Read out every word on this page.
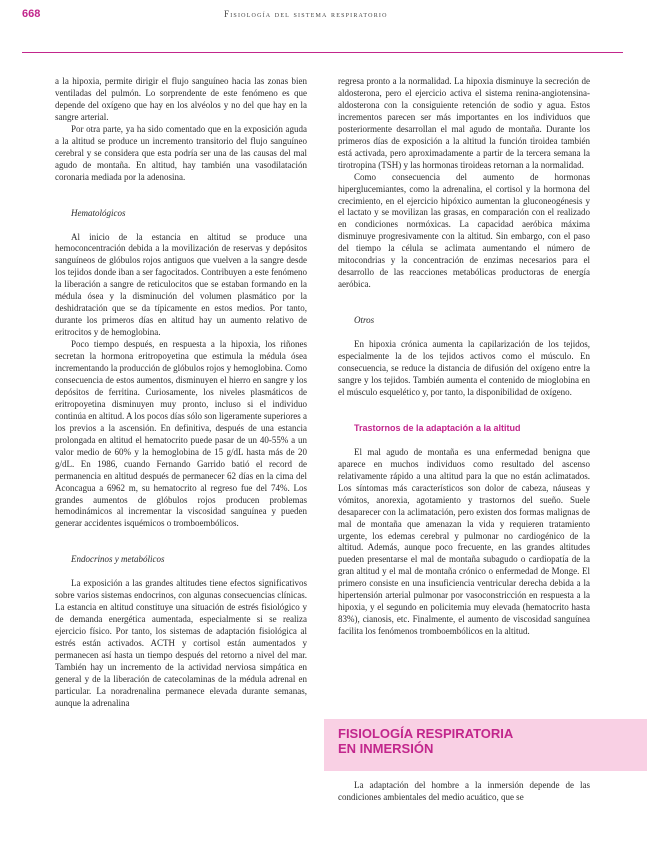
668	Fisiología del sistema respiratorio

a la hipoxia, permite dirigir el flujo sanguíneo hacia las zonas bien ventiladas del pulmón. Lo sorprendente de este fenómeno es que depende del oxígeno que hay en los alvéolos y no del que hay en la sangre arterial.

Por otra parte, ya ha sido comentado que en la exposición aguda a la altitud se produce un incremento transitorio del flujo sanguíneo cerebral y se considera que esta podría ser una de las causas del mal agudo de montaña. En altitud, hay también una vasodilatación coronaria mediada por la adenosina.

Hematológicos

Al inicio de la estancia en altitud se produce una hemoconcentración debida a la movilización de reservas y depósitos sanguíneos de glóbulos rojos antiguos que vuelven a la sangre desde los tejidos donde iban a ser fagocitados. Contribuyen a este fenómeno la liberación a sangre de reticulocitos que se estaban formando en la médula ósea y la disminución del volumen plasmático por la deshidratación que se da típicamente en estos medios. Por tanto, durante los primeros días en altitud hay un aumento relativo de eritrocitos y de hemoglobina.

Poco tiempo después, en respuesta a la hipoxia, los riñones secretan la hormona eritropoyetina que estimula la médula ósea incrementando la producción de glóbulos rojos y hemoglobina. Como consecuencia de estos aumentos, disminuyen el hierro en sangre y los depósitos de ferritina. Curiosamente, los niveles plasmáticos de eritropoyetina disminuyen muy pronto, incluso si el individuo continúa en altitud. A los pocos días sólo son ligeramente superiores a los previos a la ascensión. En definitiva, después de una estancia prolongada en altitud el hematocrito puede pasar de un 40-55% a un valor medio de 60% y la hemoglobina de 15 g/dL hasta más de 20 g/dL. En 1986, cuando Fernando Garrido batió el record de permanencia en altitud después de permanecer 62 días en la cima del Aconcagua a 6962 m, su hematocrito al regreso fue del 74%. Los grandes aumentos de glóbulos rojos producen problemas hemodinámicos al incrementar la viscosidad sanguínea y pueden generar accidentes isquémicos o tromboembólicos.

Endocrinos y metabólicos

La exposición a las grandes altitudes tiene efectos significativos sobre varios sistemas endocrinos, con algunas consecuencias clínicas. La estancia en altitud constituye una situación de estrés fisiológico y de demanda energética aumentada, especialmente si se realiza ejercicio físico. Por tanto, los sistemas de adaptación fisiológica al estrés están activados. ACTH y cortisol están aumentados y permanecen así hasta un tiempo después del retorno a nivel del mar. También hay un incremento de la actividad nerviosa simpática en general y de la liberación de catecolaminas de la médula adrenal en particular. La noradrenalina permanece elevada durante semanas, aunque la adrenalina

regresa pronto a la normalidad. La hipoxia disminuye la secreción de aldosterona, pero el ejercicio activa el sistema renina-angiotensina-aldosterona con la consiguiente retención de sodio y agua. Estos incrementos parecen ser más importantes en los individuos que posteriormente desarrollan el mal agudo de montaña. Durante los primeros días de exposición a la altitud la función tiroidea también está activada, pero aproximadamente a partir de la tercera semana la tirotropina (TSH) y las hormonas tiroideas retornan a la normalidad.

Como consecuencia del aumento de hormonas hiperglucemiantes, como la adrenalina, el cortisol y la hormona del crecimiento, en el ejercicio hipóxico aumentan la gluconeogénesis y el lactato y se movilizan las grasas, en comparación con el realizado en condiciones normóxicas. La capacidad aeróbica máxima disminuye progresivamente con la altitud. Sin embargo, con el paso del tiempo la célula se aclimata aumentando el número de mitocondrias y la concentración de enzimas necesarios para el desarrollo de las reacciones metabólicas productoras de energía aeróbica.

Otros

En hipoxia crónica aumenta la capilarización de los tejidos, especialmente la de los tejidos activos como el músculo. En consecuencia, se reduce la distancia de difusión del oxígeno entre la sangre y los tejidos. También aumenta el contenido de mioglobina en el músculo esquelético y, por tanto, la disponibilidad de oxígeno.

Trastornos de la adaptación a la altitud

El mal agudo de montaña es una enfermedad benigna que aparece en muchos individuos como resultado del ascenso relativamente rápido a una altitud para la que no están aclimatados. Los síntomas más característicos son dolor de cabeza, náuseas y vómitos, anorexia, agotamiento y trastornos del sueño. Suele desaparecer con la aclimatación, pero existen dos formas malignas de mal de montaña que amenazan la vida y requieren tratamiento urgente, los edemas cerebral y pulmonar no cardiogénico de la altitud. Además, aunque poco frecuente, en las grandes altitudes pueden presentarse el mal de montaña subagudo o cardiopatía de la gran altitud y el mal de montaña crónico o enfermedad de Monge. El primero consiste en una insuficiencia ventricular derecha debida a la hipertensión arterial pulmonar por vasoconstricción en respuesta a la hipoxia, y el segundo en policitemia muy elevada (hematocrito hasta 83%), cianosis, etc. Finalmente, el aumento de viscosidad sanguínea facilita los fenómenos tromboembólicos en la altitud.

FISIOLOGÍA RESPIRATORIA
EN INMERSIÓN

La adaptación del hombre a la inmersión depende de las condiciones ambientales del medio acuático, que se
